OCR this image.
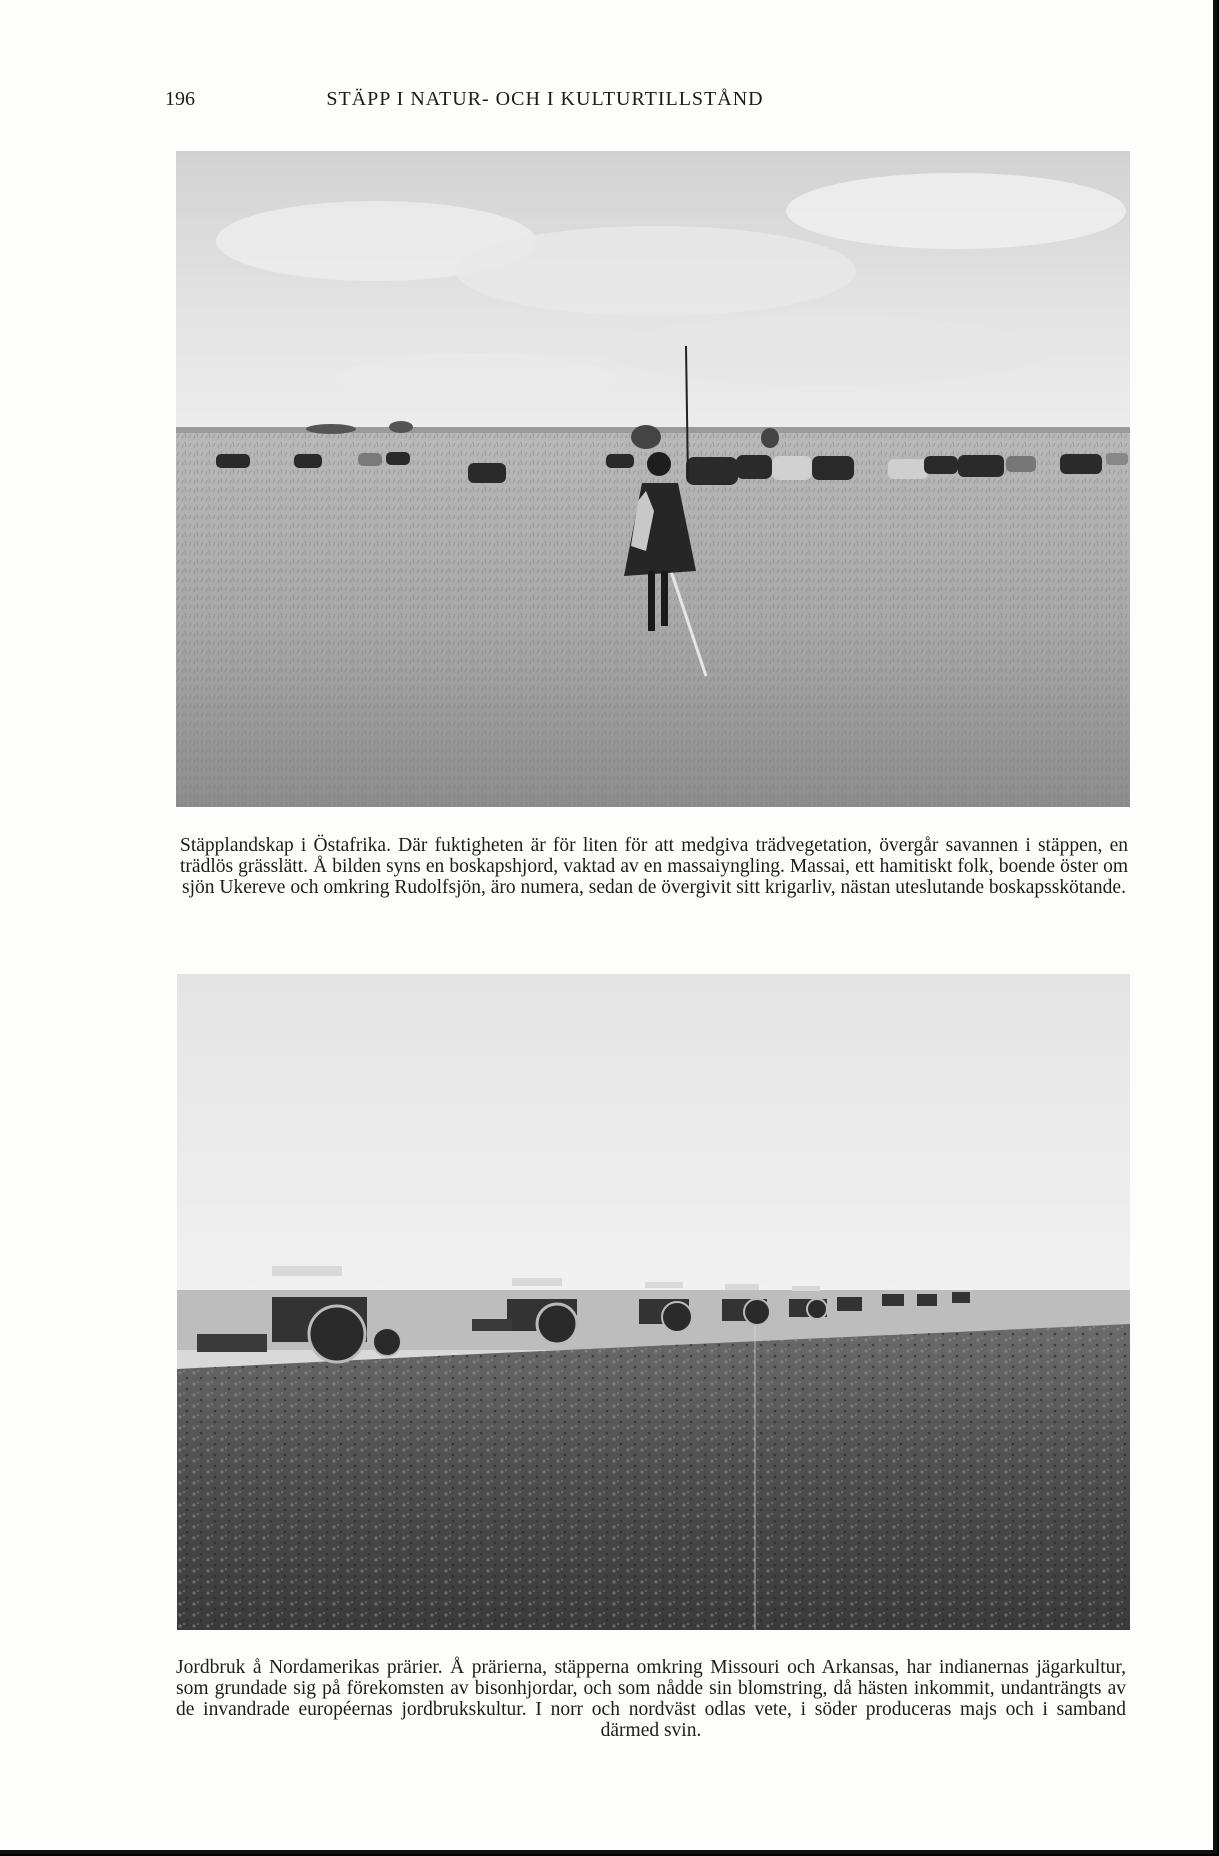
196	STÄPP I NATUR- OCH I KULTURTILLSTÅND
Stäpplandskap i Östafrika. Där fuktigheten är för liten för att medgiva trädvegetation, övergår savannen i stäppen, en trädlös grässlätt. Å bilden syns en boskapshjord, vaktad av en massaiyngling. Massai, ett hamitiskt folk, boende öster om sjön Ukereve och omkring Rudolfsjön, äro numera, sedan de övergivit sitt krigarliv, nästan uteslutande boskapsskötande.
Jordbruk å Nordamerikas prärier. Å prärierna, stäpperna omkring Missouri och Arkansas, har indianernas jägarkultur, som grundade sig på förekomsten av bisonhjordar, och som nådde sin blomstring, då hästen inkommit, undanträngts av de invandrade européernas jordbrukskultur. I norr och nordväst odlas vete, i söder produceras majs och i samband därmed svin.
